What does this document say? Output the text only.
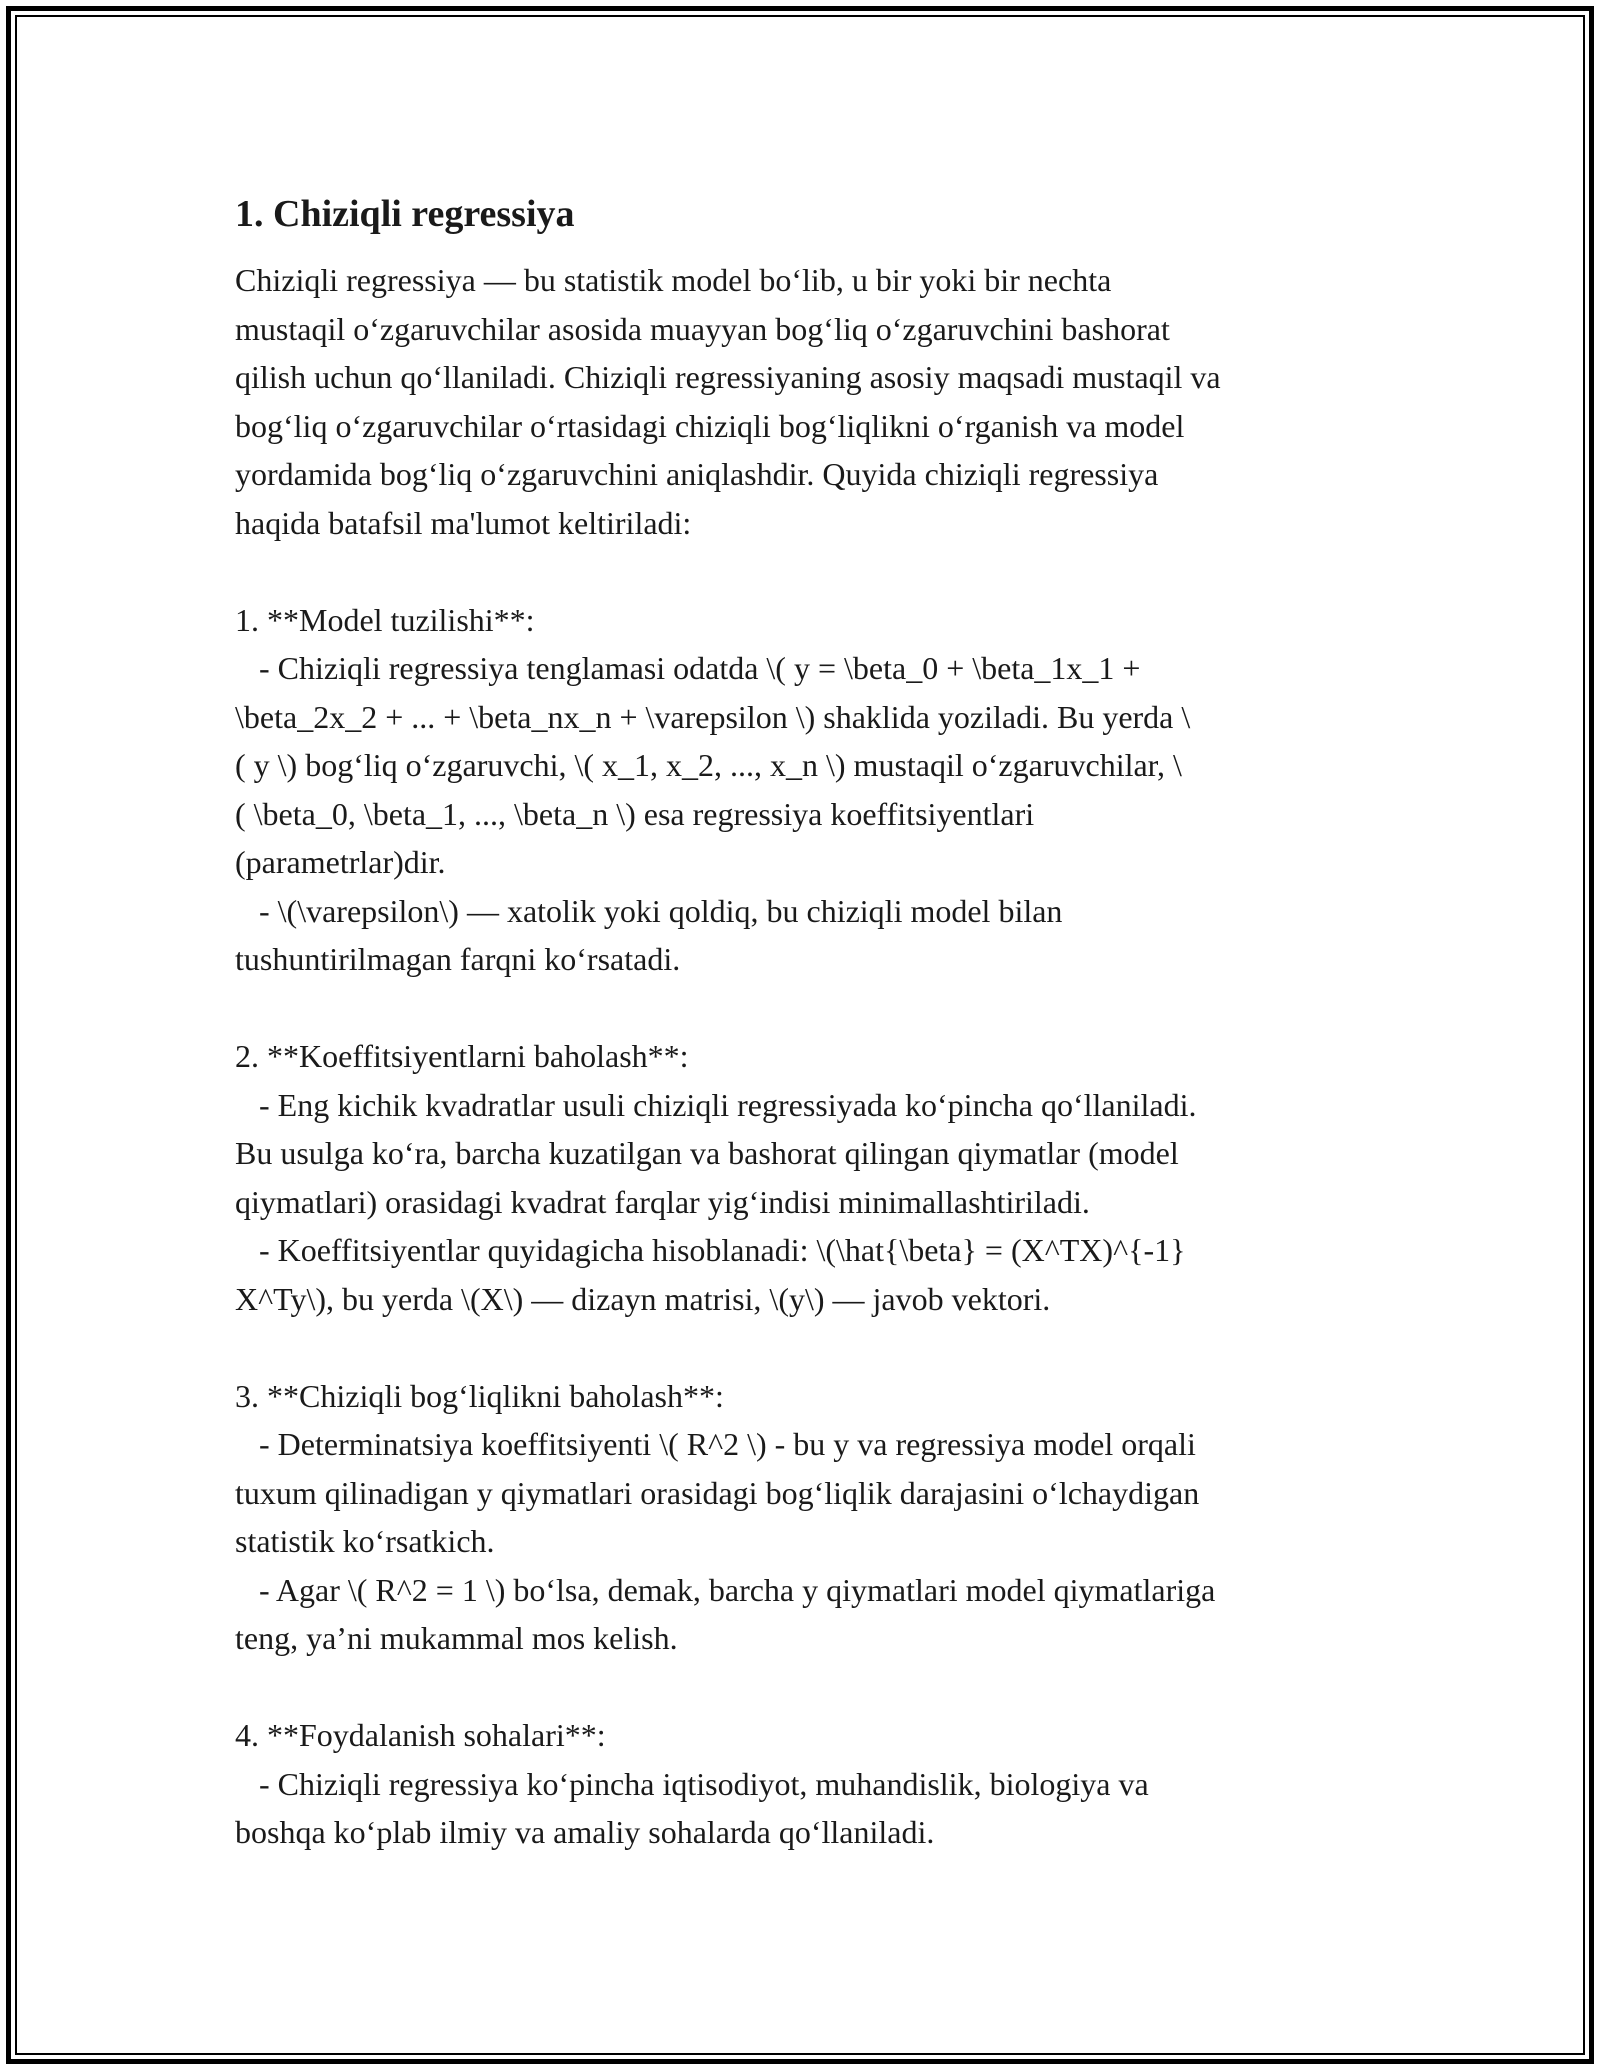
1. Chiziqli regressiya
Chiziqli regressiya — bu statistik model bo‘lib, u bir yoki bir nechta
mustaqil o‘zgaruvchilar asosida muayyan bog‘liq o‘zgaruvchini bashorat
qilish uchun qo‘llaniladi. Chiziqli regressiyaning asosiy maqsadi mustaqil va
bog‘liq o‘zgaruvchilar o‘rtasidagi chiziqli bog‘liqlikni o‘rganish va model
yordamida bog‘liq o‘zgaruvchini aniqlashdir. Quyida chiziqli regressiya
haqida batafsil ma'lumot keltiriladi:
1. **Model tuzilishi**:
- Chiziqli regressiya tenglamasi odatda \( y = \beta_0 + \beta_1x_1 +
\beta_2x_2 + ... + \beta_nx_n + \varepsilon \) shaklida yoziladi. Bu yerda \
( y \) bog‘liq o‘zgaruvchi, \( x_1, x_2, ..., x_n \) mustaqil o‘zgaruvchilar, \
( \beta_0, \beta_1, ..., \beta_n \) esa regressiya koeffitsiyentlari
(parametrlar)dir.
- \(\varepsilon\) — xatolik yoki qoldiq, bu chiziqli model bilan
tushuntirilmagan farqni ko‘rsatadi.
2. **Koeffitsiyentlarni baholash**:
- Eng kichik kvadratlar usuli chiziqli regressiyada ko‘pincha qo‘llaniladi.
Bu usulga ko‘ra, barcha kuzatilgan va bashorat qilingan qiymatlar (model
qiymatlari) orasidagi kvadrat farqlar yig‘indisi minimallashtiriladi.
- Koeffitsiyentlar quyidagicha hisoblanadi: \(\hat{\beta} = (X^TX)^{-1}
X^Ty\), bu yerda \(X\) — dizayn matrisi, \(y\) — javob vektori.
3. **Chiziqli bog‘liqlikni baholash**:
- Determinatsiya koeffitsiyenti \( R^2 \) - bu y va regressiya model orqali
tuxum qilinadigan y qiymatlari orasidagi bog‘liqlik darajasini o‘lchaydigan
statistik ko‘rsatkich.
- Agar \( R^2 = 1 \) bo‘lsa, demak, barcha y qiymatlari model qiymatlariga
teng, ya’ni mukammal mos kelish.
4. **Foydalanish sohalari**:
- Chiziqli regressiya ko‘pincha iqtisodiyot, muhandislik, biologiya va
boshqa ko‘plab ilmiy va amaliy sohalarda qo‘llaniladi.
